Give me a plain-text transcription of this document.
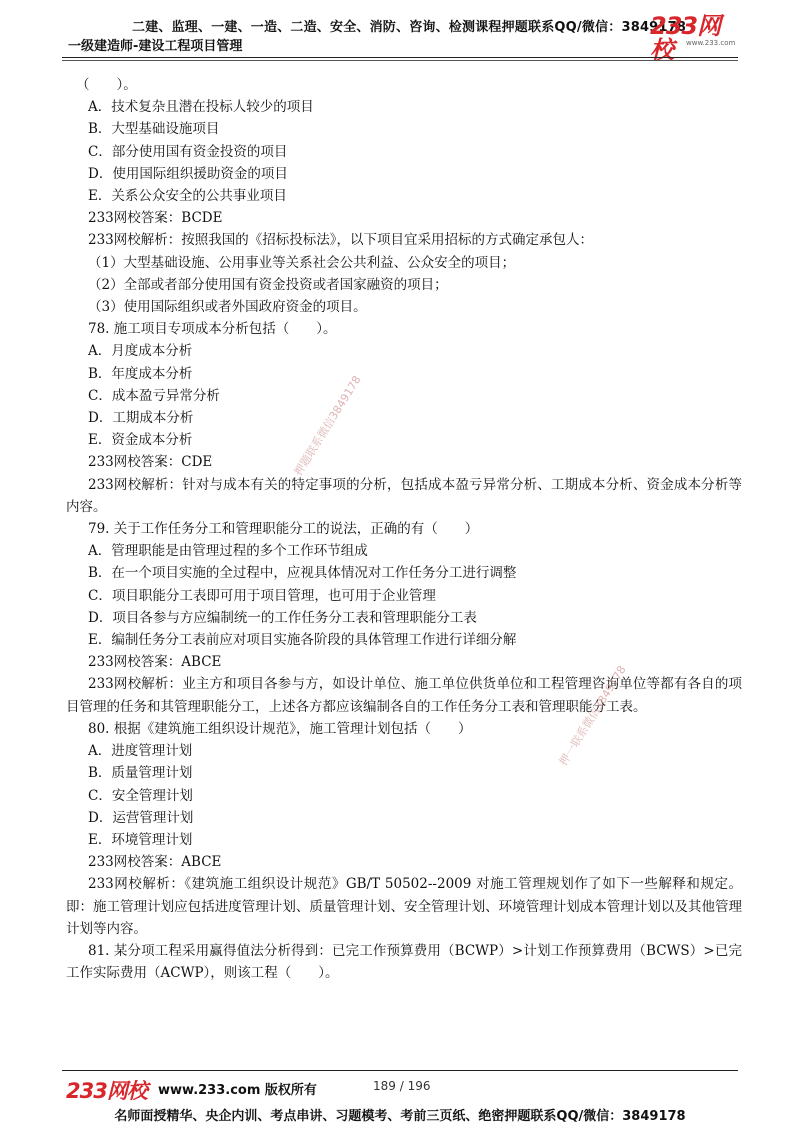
二建、监理、一建、一造、二造、安全、消防、咨询、检测课程押题联系QQ/微信：3849178
一级建造师-建设工程项目管理
233网校	www.233.com

（　　）。

A．技术复杂且潜在投标人较少的项目

B．大型基础设施项目

C．部分使用国有资金投资的项目

D．使用国际组织援助资金的项目

E．关系公众安全的公共事业项目

233网校答案：BCDE

233网校解析：按照我国的《招标投标法》，以下项目宜采用招标的方式确定承包人：

（1）大型基础设施、公用事业等关系社会公共利益、公众安全的项目；

（2）全部或者部分使用国有资金投资或者国家融资的项目；

（3）使用国际组织或者外国政府资金的项目。

78. 施工项目专项成本分析包括（　　）。

A．月度成本分析

B．年度成本分析

C．成本盈亏异常分析

D．工期成本分析

E．资金成本分析

233网校答案：CDE

233网校解析：针对与成本有关的特定事项的分析，包括成本盈亏异常分析、工期成本分析、资金成本分析等内容。

79. 关于工作任务分工和管理职能分工的说法，正确的有（　　）

A．管理职能是由管理过程的多个工作环节组成

B．在一个项目实施的全过程中，应视具体情况对工作任务分工进行调整

C．项目职能分工表即可用于项目管理，也可用于企业管理

D．项目各参与方应编制统一的工作任务分工表和管理职能分工表

E．编制任务分工表前应对项目实施各阶段的具体管理工作进行详细分解

233网校答案：ABCE

233网校解析：业主方和项目各参与方，如设计单位、施工单位供货单位和工程管理咨询单位等都有各自的项目管理的任务和其管理职能分工，上述各方都应该编制各自的工作任务分工表和管理职能分工表。

80. 根据《建筑施工组织设计规范》，施工管理计划包括（　　）

A．进度管理计划

B．质量管理计划

C．安全管理计划

D．运营管理计划

E．环境管理计划

233网校答案：ABCE

233网校解析：《建筑施工组织设计规范》GB/T 50502--2009 对施工管理规划作了如下一些解释和规定。即：施工管理计划应包括进度管理计划、质量管理计划、安全管理计划、环境管理计划成本管理计划以及其他管理计划等内容。

81. 某分项工程采用赢得值法分析得到：已完工作预算费用（BCWP）>计划工作预算费用（BCWS）>已完工作实际费用（ACWP），则该工程（　　）。

押题联系微信3849178
押一联系微信3849178
233网校 www.233.com 版权所有	189 / 196
名师面授精华、央企内训、考点串讲、习题模考、考前三页纸、绝密押题联系QQ/微信：3849178
